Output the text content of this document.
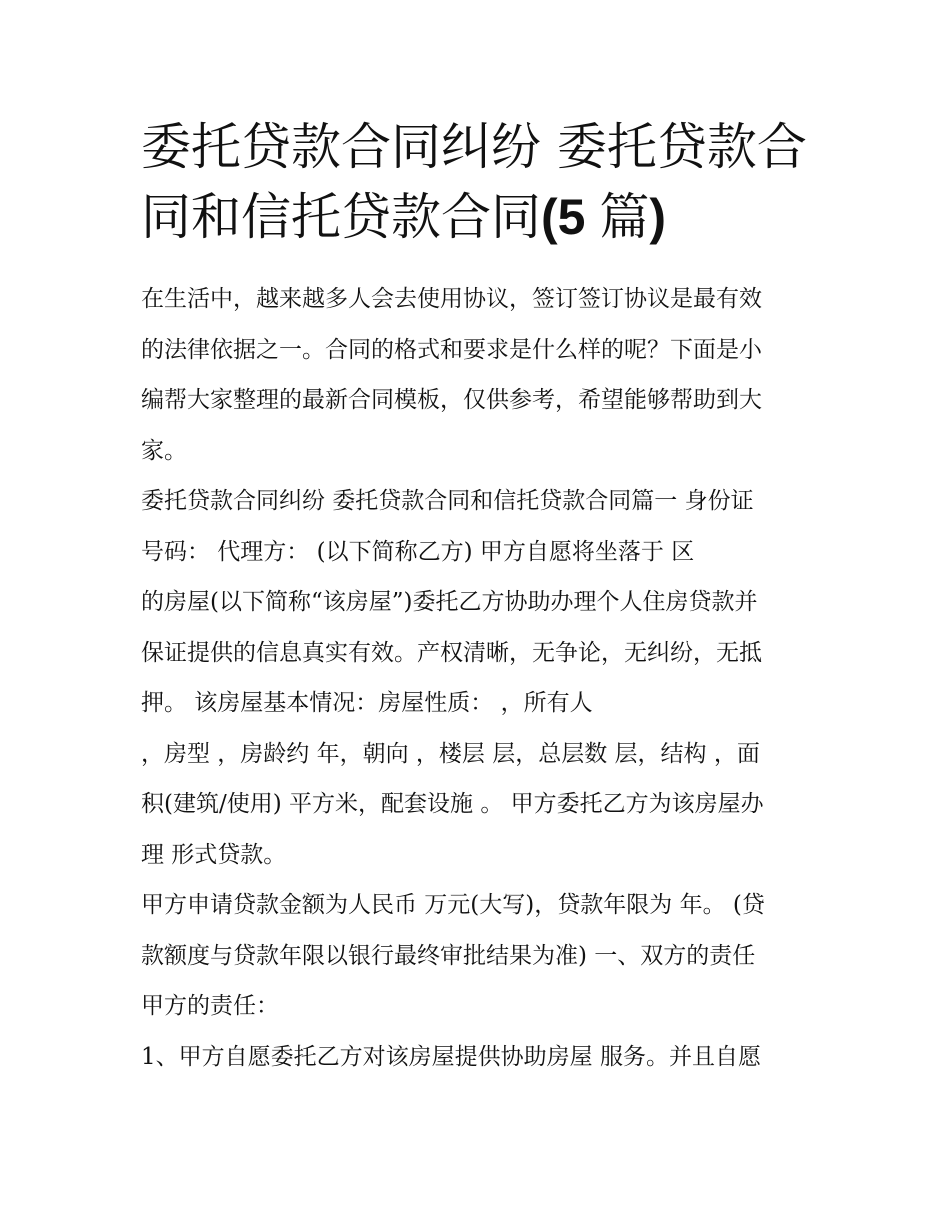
委托贷款合同纠纷 委托贷款合
同和信托贷款合同(5 篇)

在生活中，越来越多人会去使用协议，签订签订协议是最有效
的法律依据之一。合同的格式和要求是什么样的呢？下面是小
编帮大家整理的最新合同模板，仅供参考，希望能够帮助到大
家。

委托贷款合同纠纷 委托贷款合同和信托贷款合同篇一 身份证
号码： 代理方： (以下简称乙方) 甲方自愿将坐落于 区
的房屋(以下简称“该房屋”)委托乙方协助办理个人住房贷款并
保证提供的信息真实有效。产权清晰，无争论，无纠纷，无抵
押。 该房屋基本情况：房屋性质： ，所有人
，房型 ，房龄约 年，朝向 ，楼层 层，总层数 层，结构 ，面
积(建筑/使用) 平方米，配套设施 。 甲方委托乙方为该房屋办
理 形式贷款。

甲方申请贷款金额为人民币 万元(大写)，贷款年限为 年。 (贷
款额度与贷款年限以银行最终审批结果为准) 一、双方的责任
甲方的责任：

1、甲方自愿委托乙方对该房屋提供协助房屋 服务。并且自愿
